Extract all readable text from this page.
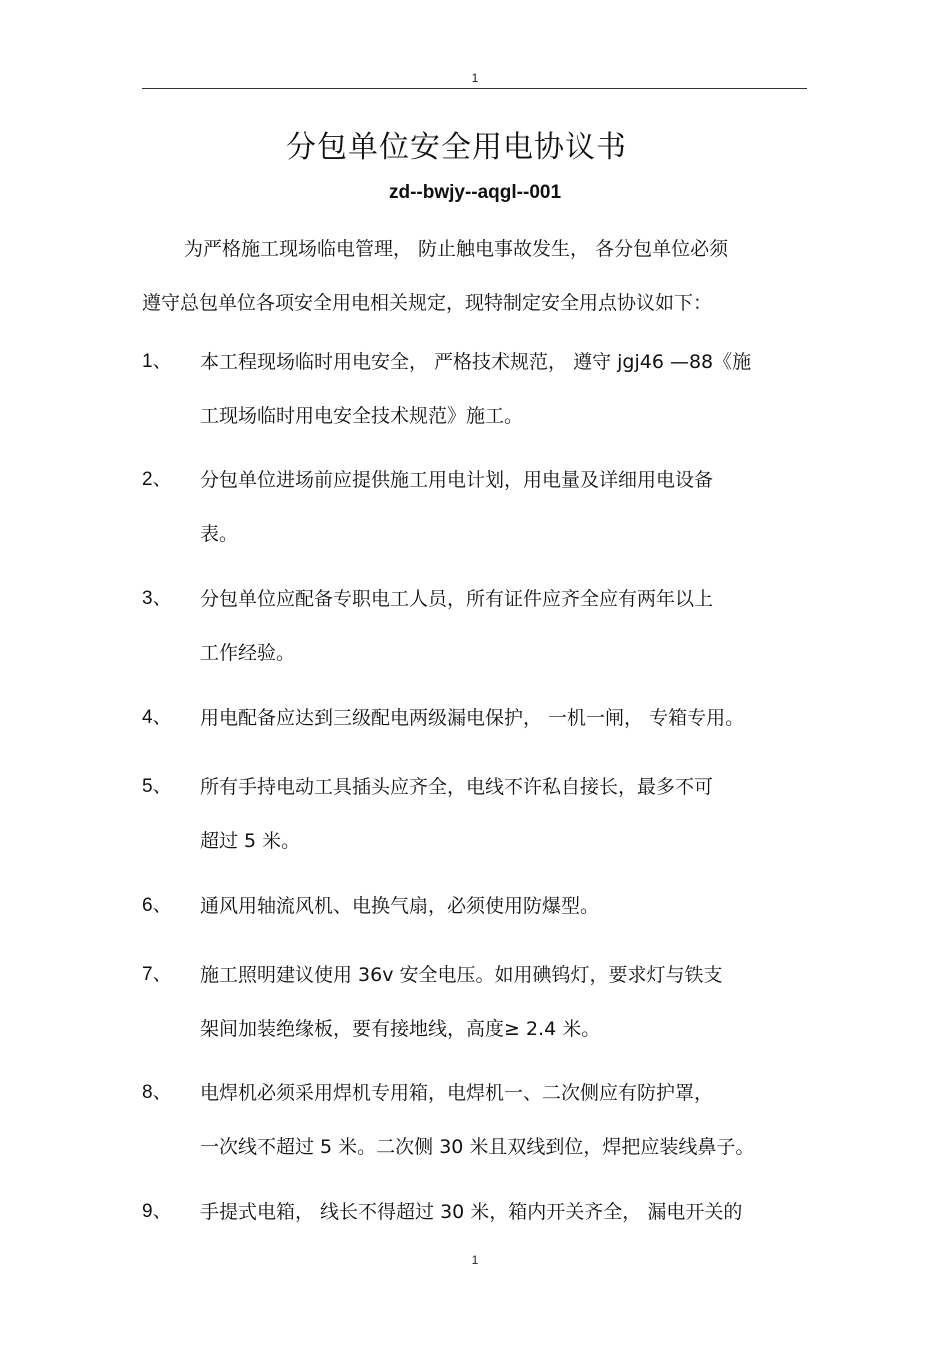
1
分包单位安全用电协议书
zd--bwjy--aqgl--001
为严格施工现场临电管理， 防止触电事故发生， 各分包单位必须
遵守总包单位各项安全用电相关规定，现特制定安全用点协议如下：
1、	本工程现场临时用电安全， 严格技术规范， 遵守 jgj46 —88《施
工现场临时用电安全技术规范》施工。
2、	分包单位进场前应提供施工用电计划，用电量及详细用电设备
表。
3、	分包单位应配备专职电工人员，所有证件应齐全应有两年以上
工作经验。
4、	用电配备应达到三级配电两级漏电保护， 一机一闸， 专箱专用。
5、	所有手持电动工具插头应齐全，电线不许私自接长，最多不可
超过 5 米。
6、	通风用轴流风机、电换气扇，必须使用防爆型。
7、	施工照明建议使用 36v 安全电压。如用碘钨灯，要求灯与铁支
架间加装绝缘板，要有接地线，高度≥ 2.4 米。
8、	电焊机必须采用焊机专用箱，电焊机一、二次侧应有防护罩，
一次线不超过 5 米。二次侧 30 米且双线到位，焊把应装线鼻子。
9、	手提式电箱， 线长不得超过 30 米，箱内开关齐全， 漏电开关的
1
